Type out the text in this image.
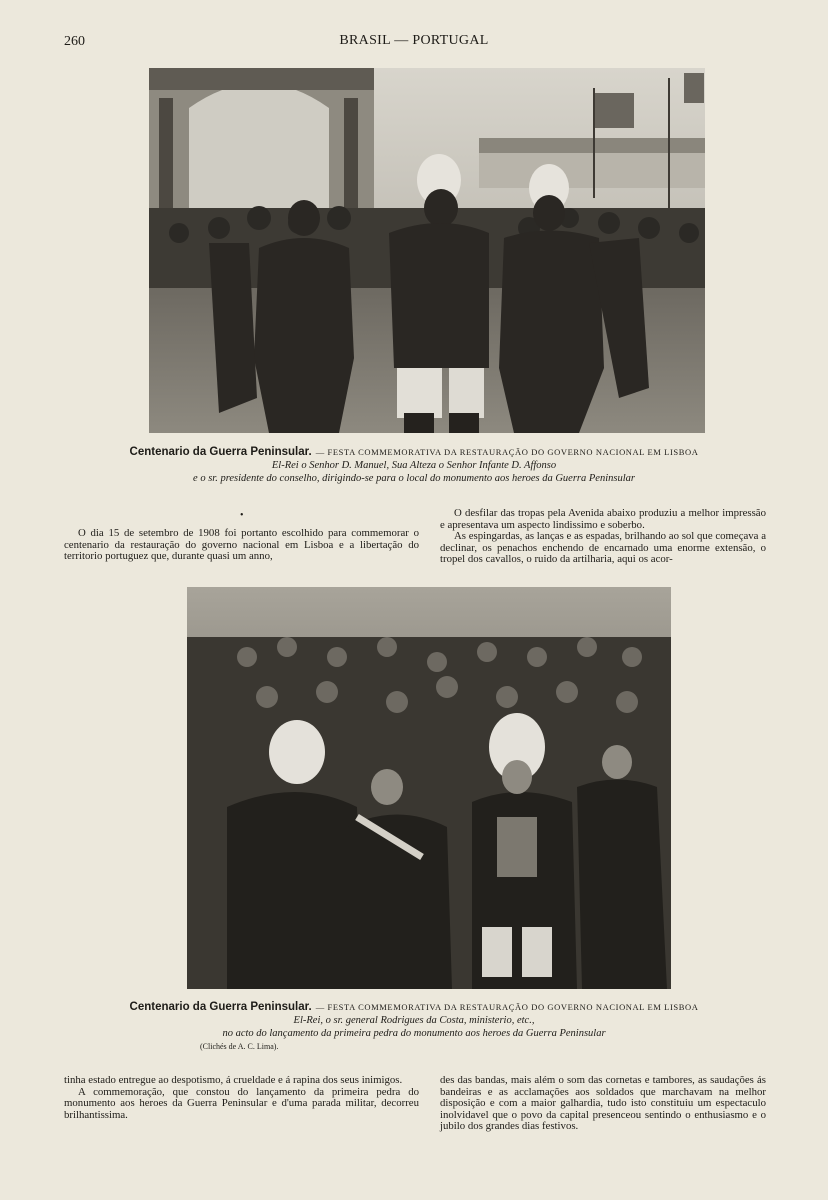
260	BRASIL — PORTUGAL
Centenario da Guerra Peninsular. — FESTA COMMEMORATIVA DA RESTAURAÇÃO DO GOVERNO NACIONAL EM LISBOA
El-Rei o Senhor D. Manuel, Sua Alteza o Senhor Infante D. Affonso
e o sr. presidente do conselho, dirigindo-se para o local do monumento aos heroes da Guerra Peninsular
•

O dia 15 de setembro de 1908 foi portanto escolhido para commemorar o centenario da restauração do governo nacional em Lisboa e a libertação do territorio portuguez que, durante quasi um anno,

O desfilar das tropas pela Avenida abaixo produziu a melhor impressão e apresentava um aspecto lindissimo e soberbo.

As espingardas, as lanças e as espadas, brilhando ao sol que começava a declinar, os penachos enchendo de encarnado uma enorme extensão, o tropel dos cavallos, o ruido da artilharia, aqui os acor-

Centenario da Guerra Peninsular. — FESTA COMMEMORATIVA DA RESTAURAÇÃO DO GOVERNO NACIONAL EM LISBOA
El-Rei, o sr. general Rodrigues da Costa, ministerio, etc.,
no acto do lançamento da primeira pedra do monumento aos heroes da Guerra Peninsular
(Clichés de A. C. Lima).

tinha estado entregue ao despotismo, á crueldade e á rapina dos seus inimigos.

A commemoração, que constou do lançamento da primeira pedra do monumento aos heroes da Guerra Peninsular e d'uma parada militar, decorreu brilhantissima.

des das bandas, mais além o som das cornetas e tambores, as saudações ás bandeiras e as acclamações aos soldados que marchavam na melhor disposição e com a maior galhardia, tudo isto constituiu um espectaculo inolvidavel que o povo da capital presenceou sentindo o enthusiasmo e o jubilo dos grandes dias festivos.
